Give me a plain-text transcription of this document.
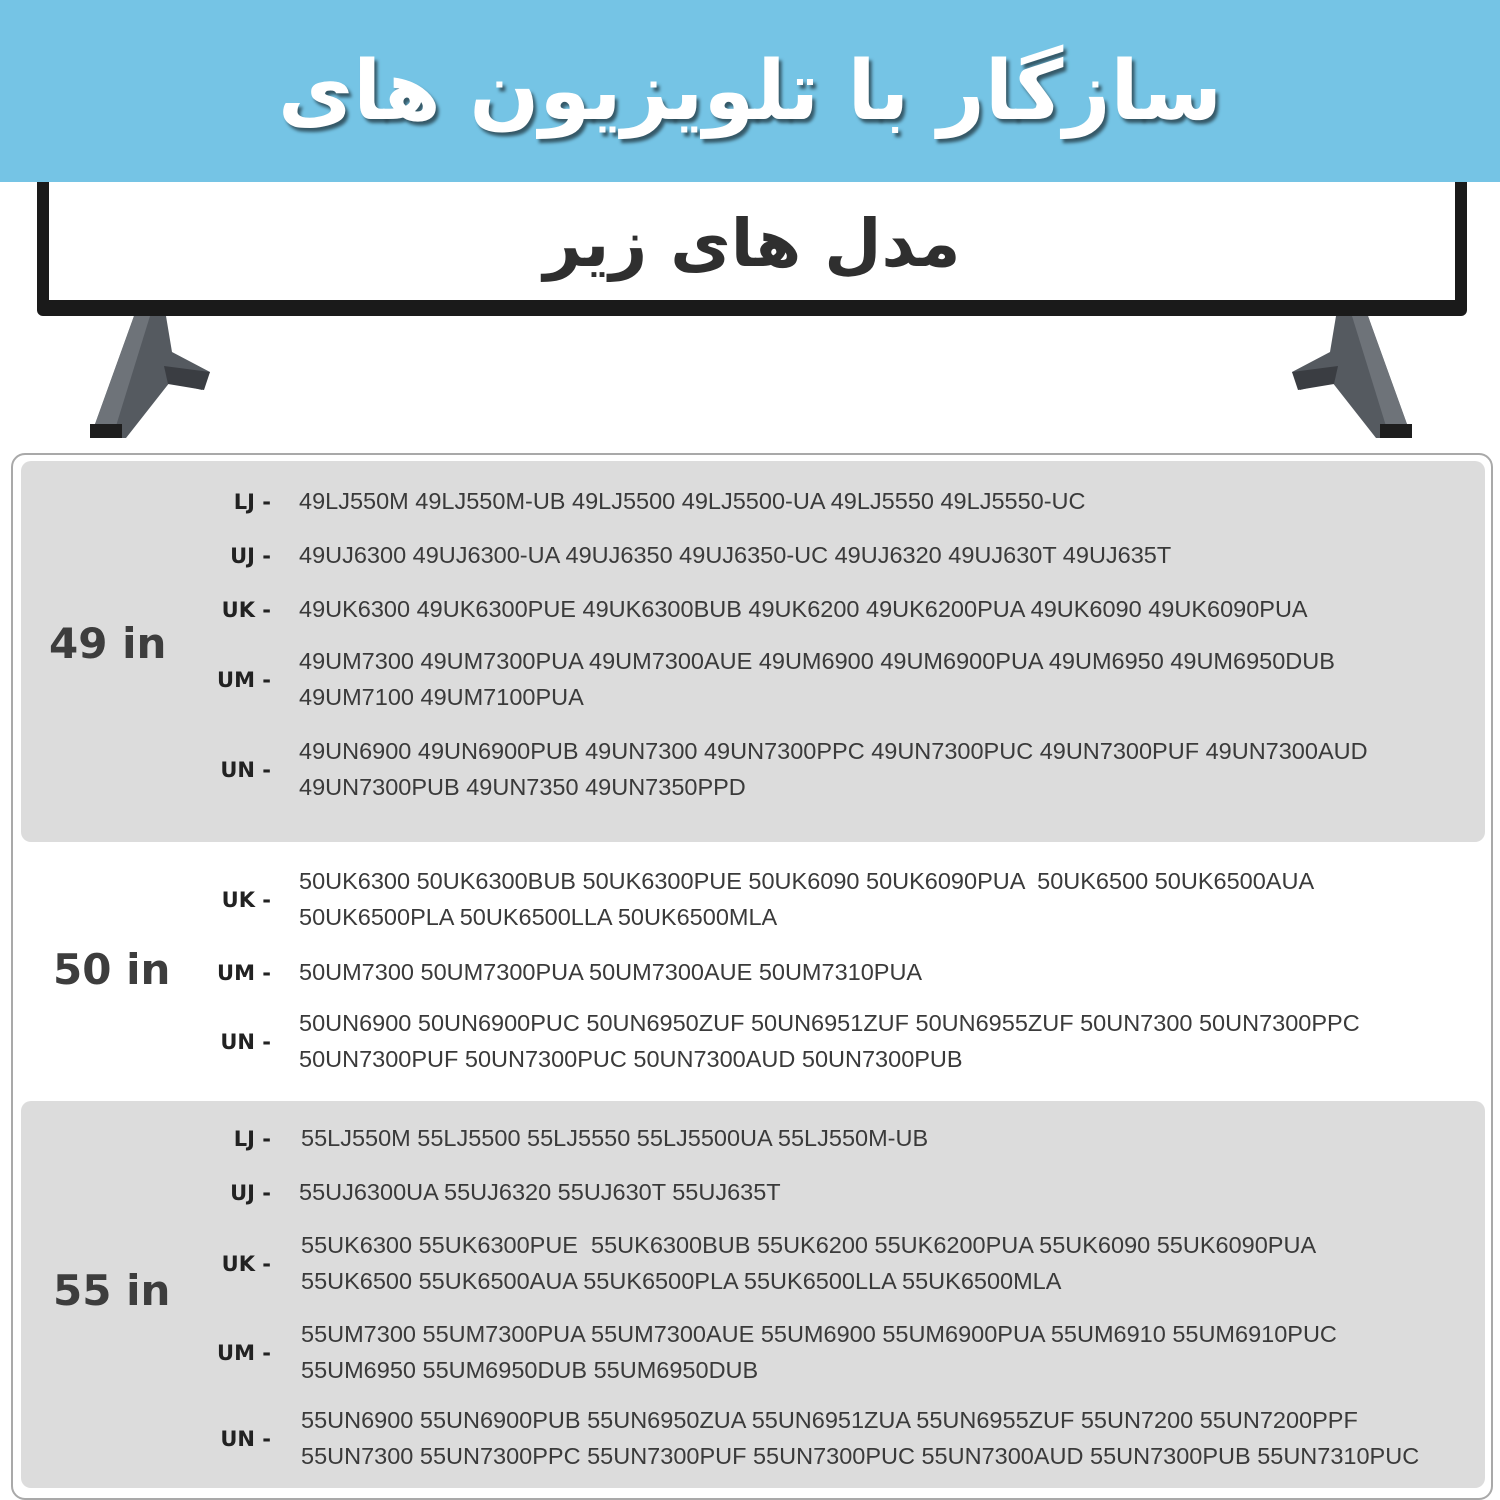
سازگار با تلویزیون های
مدل های زیر
49 in
LJ - 49LJ550M 49LJ550M-UB 49LJ5500 49LJ5500-UA 49LJ5550 49LJ5550-UC
UJ - 49UJ6300 49UJ6300-UA 49UJ6350 49UJ6350-UC 49UJ6320 49UJ630T 49UJ635T
UK - 49UK6300 49UK6300PUE 49UK6300BUB 49UK6200 49UK6200PUA 49UK6090 49UK6090PUA
UM -
49UM7300 49UM7300PUA 49UM7300AUE 49UM6900 49UM6900PUA 49UM6950 49UM6950DUB
49UM7100 49UM7100PUA
UN -
49UN6900 49UN6900PUB 49UN7300 49UN7300PPC 49UN7300PUC 49UN7300PUF 49UN7300AUD
49UN7300PUB 49UN7350 49UN7350PPD
50 in
UK -
50UK6300 50UK6300BUB 50UK6300PUE 50UK6090 50UK6090PUA  50UK6500 50UK6500AUA
50UK6500PLA 50UK6500LLA 50UK6500MLA
UM - 50UM7300 50UM7300PUA 50UM7300AUE 50UM7310PUA
UN -
50UN6900 50UN6900PUC 50UN6950ZUF 50UN6951ZUF 50UN6955ZUF 50UN7300 50UN7300PPC
50UN7300PUF 50UN7300PUC 50UN7300AUD 50UN7300PUB
55 in
LJ - 55LJ550M 55LJ5500 55LJ5550 55LJ5500UA 55LJ550M-UB
UJ - 55UJ6300UA 55UJ6320 55UJ630T 55UJ635T
UK -
55UK6300 55UK6300PUE  55UK6300BUB 55UK6200 55UK6200PUA 55UK6090 55UK6090PUA
55UK6500 55UK6500AUA 55UK6500PLA 55UK6500LLA 55UK6500MLA
UM -
55UM7300 55UM7300PUA 55UM7300AUE 55UM6900 55UM6900PUA 55UM6910 55UM6910PUC
55UM6950 55UM6950DUB 55UM6950DUB
UN -
55UN6900 55UN6900PUB 55UN6950ZUA 55UN6951ZUA 55UN6955ZUF 55UN7200 55UN7200PPF
55UN7300 55UN7300PPC 55UN7300PUF 55UN7300PUC 55UN7300AUD 55UN7300PUB 55UN7310PUC
